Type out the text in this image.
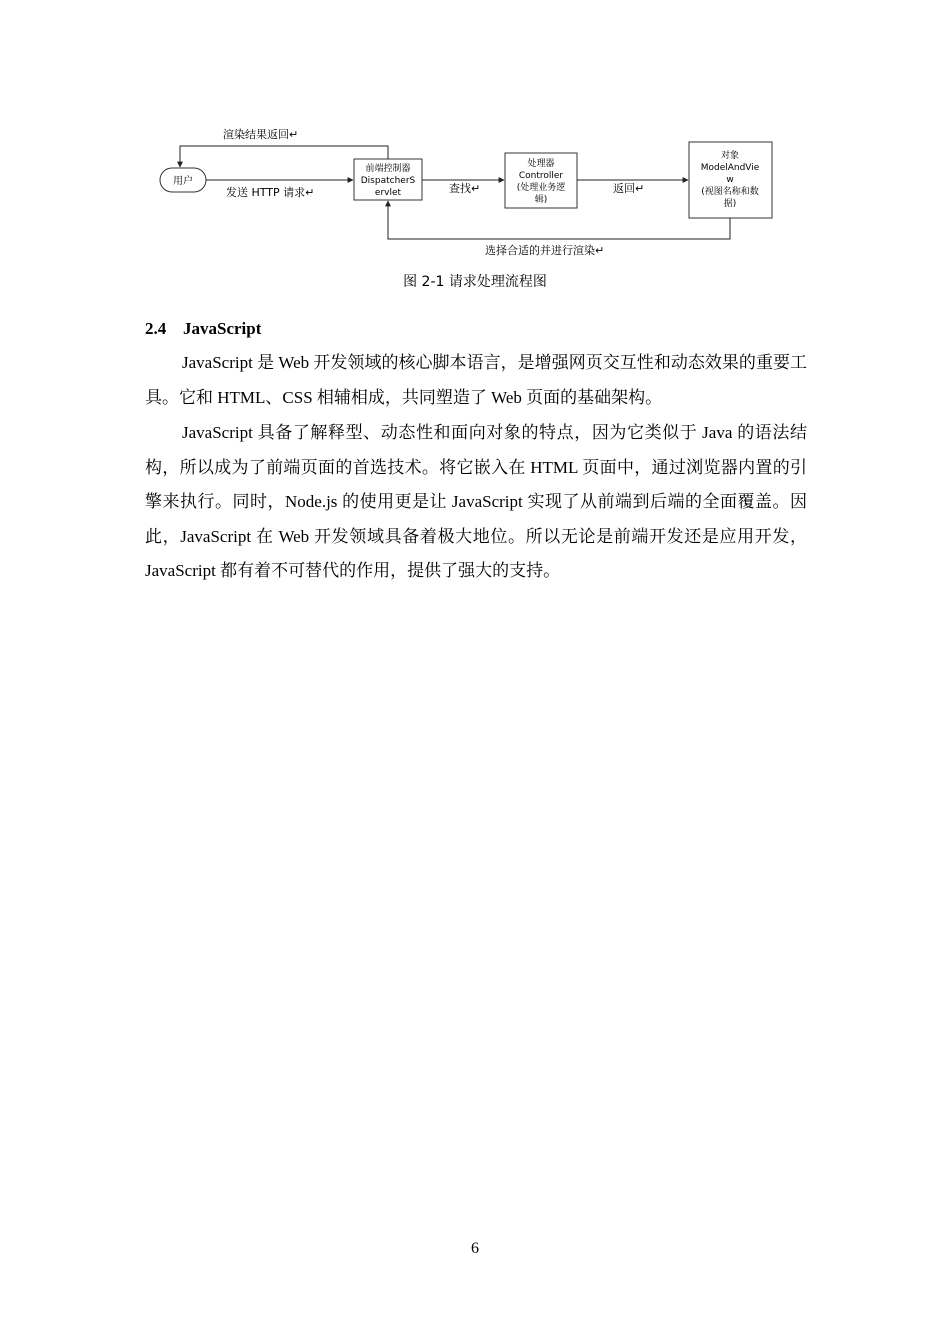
用户
前端控制器
DispatcherS
ervlet
处理器
Controller
(处理业务逻
辑)
对象
ModelAndVie
w
(视图名称和数
据)
发送 HTTP 请求↵
渲染结果返回↵
查找↵	返回↵
选择合适的并进行渲染↵
图 2-1 请求处理流程图
2.4 JavaScript

JavaScript 是 Web 开发领域的核心脚本语言，是增强网页交互性和动态效果的重要工具。它和 HTML、CSS 相辅相成，共同塑造了 Web 页面的基础架构。

JavaScript 具备了解释型、动态性和面向对象的特点，因为它类似于 Java 的语法结构，所以成为了前端页面的首选技术。将它嵌入在 HTML 页面中，通过浏览器内置的引擎来执行。同时，Node.js 的使用更是让 JavaScript 实现了从前端到后端的全面覆盖。因此，JavaScript 在 Web 开发领域具备着极大地位。所以无论是前端开发还是应用开发，JavaScript 都有着不可替代的作用，提供了强大的支持。

6
